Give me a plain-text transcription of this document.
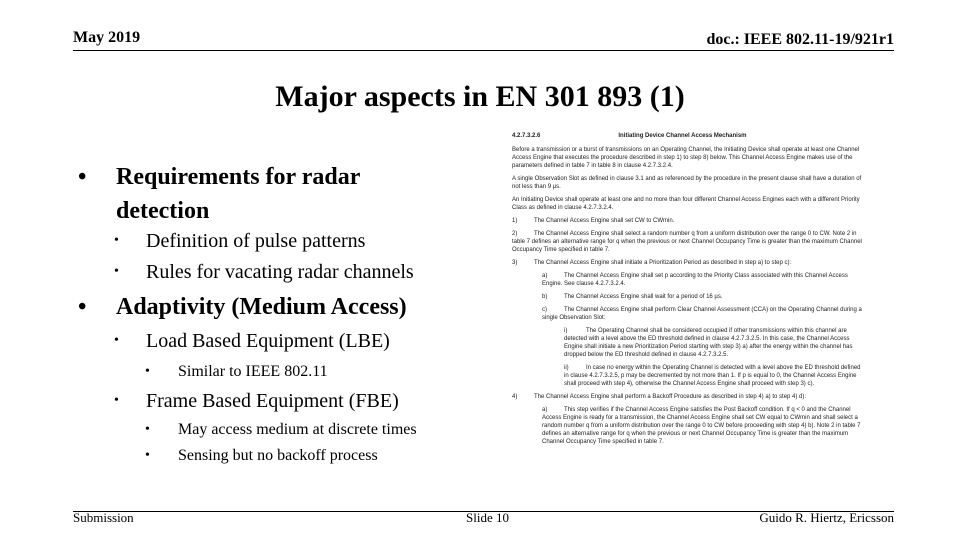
May 2019	doc.: IEEE 802.11-19/921r1
Major aspects in EN 301 893 (1)
• Requirements for radar detection
• Definition of pulse patterns
• Rules for vacating radar channels
• Adaptivity (Medium Access)
• Load Based Equipment (LBE)
• Similar to IEEE 802.11
• Frame Based Equipment (FBE)
• May access medium at discrete times
• Sensing but no backoff process
4.2.7.3.2.6	Initiating Device Channel Access Mechanism

Before a transmission or a burst of transmissions on an Operating Channel, the Initiating Device shall operate at least one Channel Access Engine that executes the procedure described in step 1) to step 8) below. This Channel Access Engine makes use of the parameters defined in table 7 in table 8 in clause 4.2.7.3.2.4.

A single Observation Slot as defined in clause 3.1 and as referenced by the procedure in the present clause shall have a duration of not less than 9 µs.

An Initiating Device shall operate at least one and no more than four different Channel Access Engines each with a different Priority Class as defined in clause 4.2.7.3.2.4.

1)	The Channel Access Engine shall set CW to CWmin.

2)	The Channel Access Engine shall select a random number q from a uniform distribution over the range 0 to CW. Note 2 in table 7 defines an alternative range for q when the previous or next Channel Occupancy Time is greater than the maximum Channel Occupancy Time specified in table 7.

3)	The Channel Access Engine shall initiate a Prioritization Period as described in step a) to step c):

a)	The Channel Access Engine shall set p according to the Priority Class associated with this Channel Access Engine. See clause 4.2.7.3.2.4.

b)	The Channel Access Engine shall wait for a period of 16 µs.

c)	The Channel Access Engine shall perform Clear Channel Assessment (CCA) on the Operating Channel during a single Observation Slot:

i)	The Operating Channel shall be considered occupied if other transmissions within this channel are detected with a level above the ED threshold defined in clause 4.2.7.3.2.5. In this case, the Channel Access Engine shall initiate a new Prioritization Period starting with step 3) a) after the energy within the channel has dropped below the ED threshold defined in clause 4.2.7.3.2.5.

ii)	In case no energy within the Operating Channel is detected with a level above the ED threshold defined in clause 4.2.7.3.2.5, p may be decremented by not more than 1. If p is equal to 0, the Channel Access Engine shall proceed with step 4), otherwise the Channel Access Engine shall proceed with step 3) c).

4)	The Channel Access Engine shall perform a Backoff Procedure as described in step 4) a) to step 4) d):

a)	This step verifies if the Channel Access Engine satisfies the Post Backoff condition. If q < 0 and the Channel Access Engine is ready for a transmission, the Channel Access Engine shall set CW equal to CWmin and shall select a random number q from a uniform distribution over the range 0 to CW before proceeding with step 4) b). Note 2 in table 7 defines an alternative range for q when the previous or next Channel Occupancy Time is greater than the maximum Channel Occupancy Time specified in table 7.

Submission	Slide 10	Guido R. Hiertz, Ericsson
